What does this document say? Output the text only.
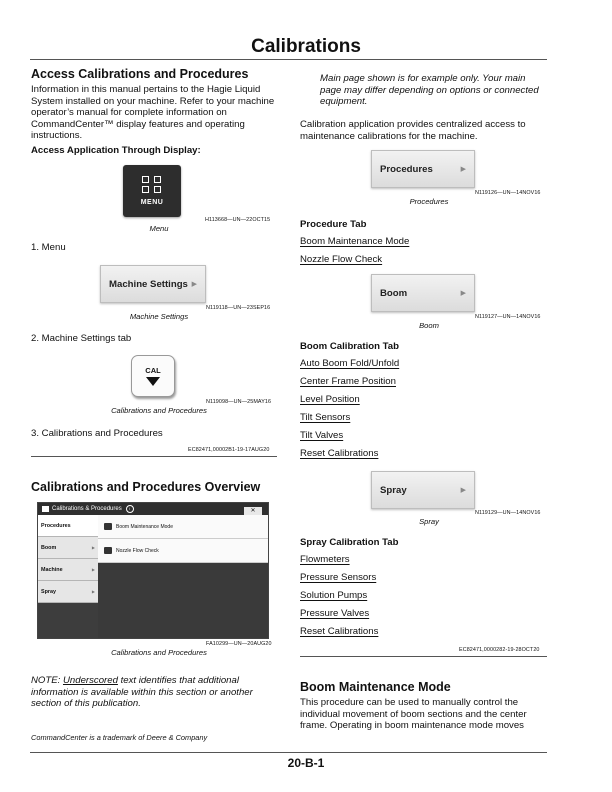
Calibrations
Access Calibrations and Procedures
Information in this manual pertains to the Hagie Liquid System installed on your machine. Refer to your machine operator’s manual for complete information on CommandCenter™ display features and operating instructions.
Access Application Through Display:
MENU
H113668—UN—22OCT15
Menu
1. Menu
Machine Settings ▶
N119118—UN—23SEP16
Machine Settings
2. Machine Settings tab
CAL
N119098—UN—25MAY16
Calibrations and Procedures
3. Calibrations and Procedures
EC82471,00002B1-19-17AUG20
Calibrations and Procedures Overview
Calibrations & Procedures	i	✕
Procedures
Boom	▶
Machine	▶
Spray	▶
Boom Maintenance Mode
Nozzle Flow Check
FA10299—UN—20AUG20
Calibrations and Procedures
NOTE: Underscored text identifies that additional information is available within this section or another section of this publication.
CommandCenter is a trademark of Deere & Company
Main page shown is for example only. Your main page may differ depending on options or connected equipment.
Calibration application provides centralized access to maintenance calibrations for the machine.
Procedures	▶
N119126—UN—14NOV16
Procedures
Procedure Tab
Boom Maintenance Mode
Nozzle Flow Check
Boom	▶
N119127—UN—14NOV16
Boom
Boom Calibration Tab
Auto Boom Fold/Unfold
Center Frame Position
Level Position
Tilt Sensors
Tilt Valves
Reset Calibrations
Spray	▶
N119129—UN—14NOV16
Spray
Spray Calibration Tab
Flowmeters
Pressure Sensors
Solution Pumps
Pressure Valves
Reset Calibrations
EC82471,0000282-19-28OCT20
Boom Maintenance Mode
This procedure can be used to manually control the individual movement of boom sections and the center frame. Operating in boom maintenance mode moves
20-B-1
